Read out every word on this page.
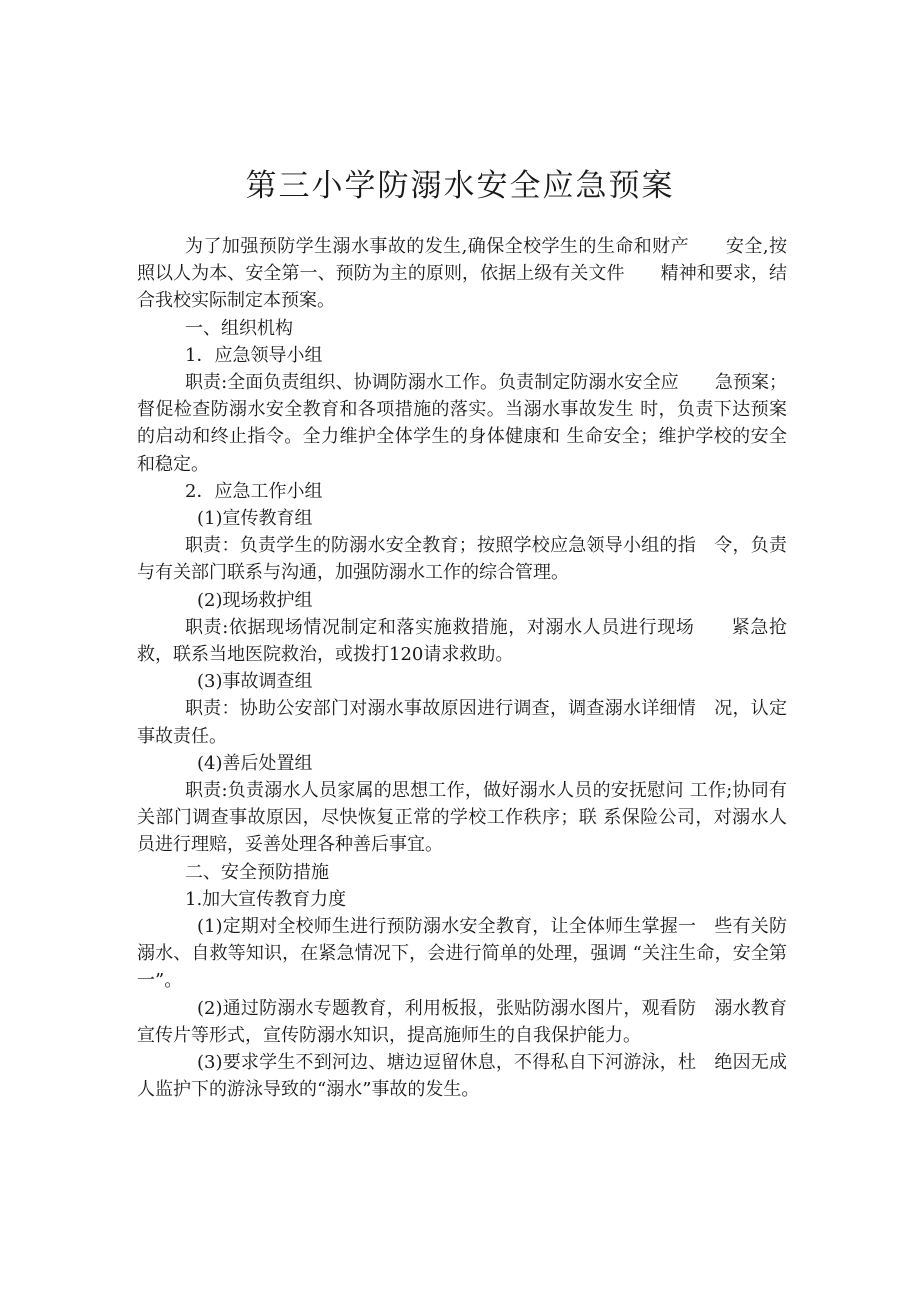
第三小学防溺水安全应急预案

为了加强预防学生溺水事故的发生,确保全校学生的生命和财产　　安全,按照以人为本、安全第一、预防为主的原则，依据上级有关文件　　精神和要求，结合我校实际制定本预案。

一、组织机构

1．应急领导小组

职责:全面负责组织、协调防溺水工作。负责制定防溺水安全应　　急预案；督促检查防溺水安全教育和各项措施的落实。当溺水事故发生 时，负责下达预案的启动和终止指令。全力维护全体学生的身体健康和 生命安全；维护学校的安全和稳定。

2．应急工作小组

(1)宣传教育组

职责：负责学生的防溺水安全教育；按照学校应急领导小组的指　令，负责与有关部门联系与沟通，加强防溺水工作的综合管理。

(2)现场救护组

职责:依据现场情况制定和落实施救措施，对溺水人员进行现场　　紧急抢救，联系当地医院救治，或拨打120请求救助。

(3)事故调查组

职责：协助公安部门对溺水事故原因进行调查，调查溺水详细情　况，认定事故责任。

(4)善后处置组

职责:负责溺水人员家属的思想工作，做好溺水人员的安抚慰问 工作;协同有关部门调查事故原因，尽快恢复正常的学校工作秩序；联 系保险公司，对溺水人员进行理赔，妥善处理各种善后事宜。

二、安全预防措施

1.加大宣传教育力度

(1)定期对全校师生进行预防溺水安全教育，让全体师生掌握一　些有关防溺水、自救等知识，在紧急情况下，会进行简单的处理，强调 “关注生命，安全第一”。

(2)通过防溺水专题教育，利用板报，张贴防溺水图片，观看防　溺水教育宣传片等形式，宣传防溺水知识，提高施师生的自我保护能力。

(3)要求学生不到河边、塘边逗留休息，不得私自下河游泳，杜　绝因无成人监护下的游泳导致的“溺水”事故的发生。
